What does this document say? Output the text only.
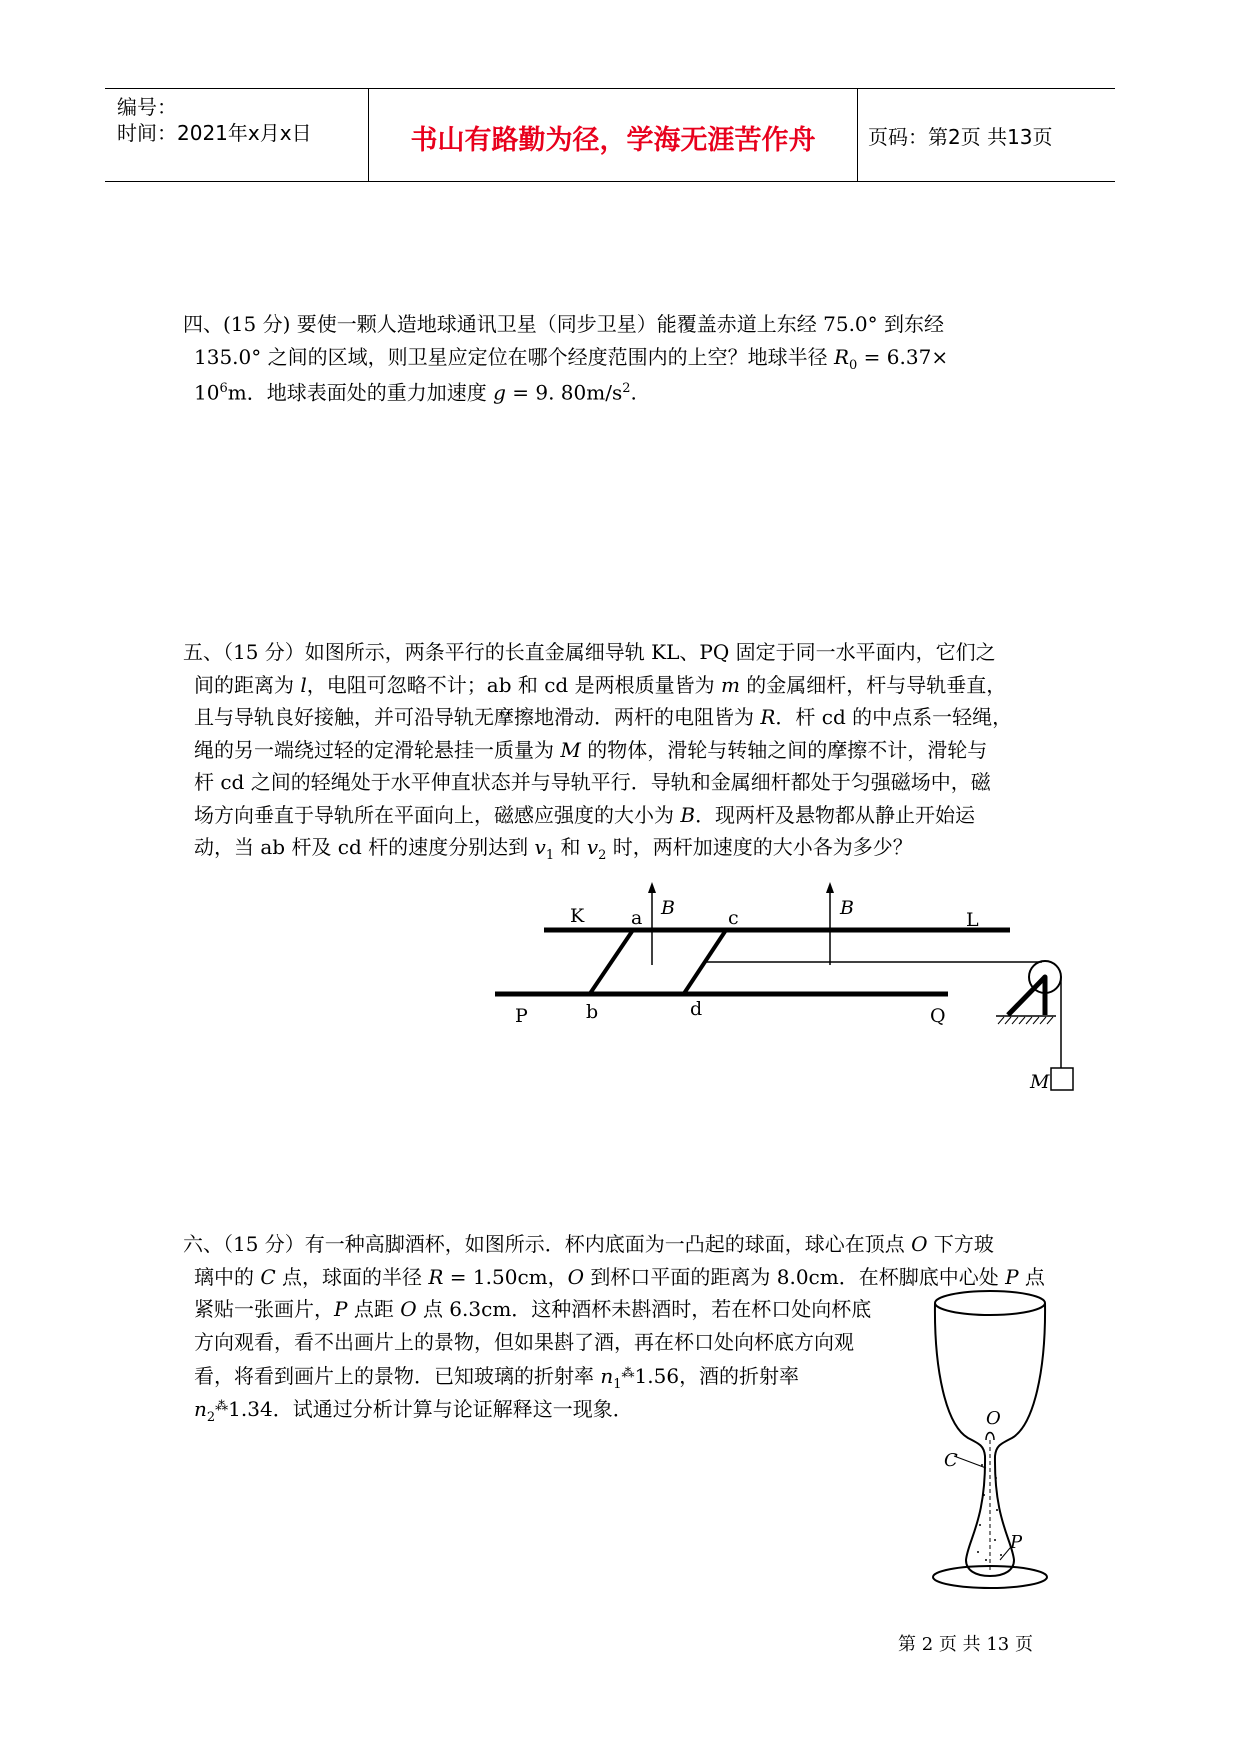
编号：
时间：2021年x月x日	书山有路勤为径，学海无涯苦作舟	页码：第2页 共13页
四、(15 分) 要使一颗人造地球通讯卫星（同步卫星）能覆盖赤道上东经 75.0° 到东经
135.0° 之间的区域，则卫星应定位在哪个经度范围内的上空？地球半径 $R_0 = 6.37\times$
$10^6m$．地球表面处的重力加速度 g = 9. $80m/s^2$.
五、（15 分）如图所示，两条平行的长直金属细导轨 KL、PQ 固定于同一水平面内，它们之
间的距离为 l，电阻可忽略不计；ab 和 cd 是两根质量皆为 m 的金属细杆，杆与导轨垂直，
且与导轨良好接触，并可沿导轨无摩擦地滑动．两杆的电阻皆为 R．杆 cd 的中点系一轻绳，
绳的另一端绕过轻的定滑轮悬挂一质量为 M 的物体，滑轮与转轴之间的摩擦不计，滑轮与
杆 cd 之间的轻绳处于水平伸直状态并与导轨平行．导轨和金属细杆都处于匀强磁场中，磁
场方向垂直于导轨所在平面向上，磁感应强度的大小为 B．现两杆及悬物都从静止开始运
动，当 ab 杆及 cd 杆的速度分别达到 $v_1$ 和 $v_2$ 时，两杆加速度的大小各为多少？
K a B	c	B
L
P	b	d	Q
M
六、（15 分）有一种高脚酒杯，如图所示．杯内底面为一凸起的球面，球心在顶点 O 下方玻
璃中的 C 点，球面的半径 R = 1.50cm，O 到杯口平面的距离为 8.0cm．在杯脚底中心处 P 点
紧贴一张画片，P 点距 O 点 6.3cm．这种酒杯未斟酒时，若在杯口处向杯底
方向观看，看不出画片上的景物，但如果斟了酒，再在杯口处向杯底方向观
看，将看到画片上的景物．已知玻璃的折射率 $n_1^⁂1.56$，酒的折射率
$n_2^⁂1.34$．试通过分析计算与论证解释这一现象．	O
C
P
第 2 页 共 13 页
